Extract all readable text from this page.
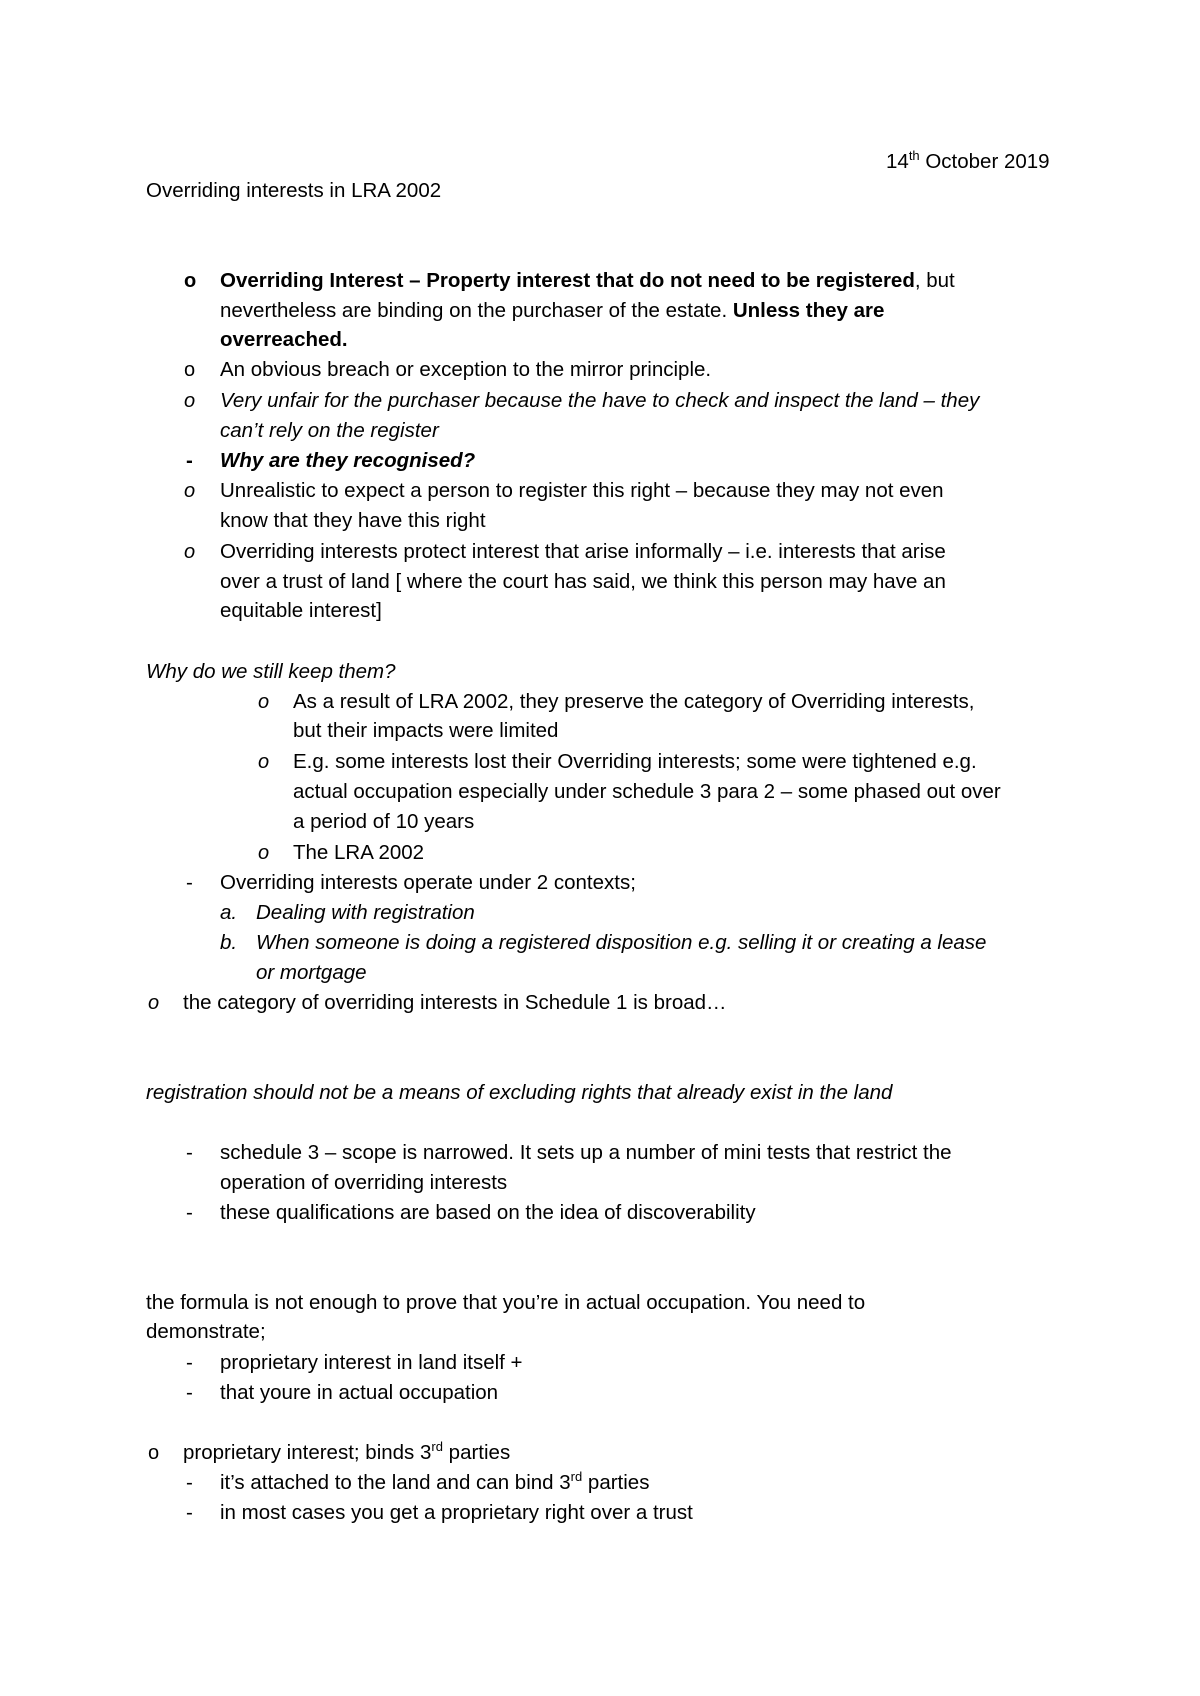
14th October 2019
Overriding interests in LRA 2002
o Overriding Interest – Property interest that do not need to be registered, but
nevertheless are binding on the purchaser of the estate. Unless they are
overreached.
o An obvious breach or exception to the mirror principle.
o Very unfair for the purchaser because the have to check and inspect the land – they
can’t rely on the register
- Why are they recognised?
o Unrealistic to expect a person to register this right – because they may not even
know that they have this right
o Overriding interests protect interest that arise informally – i.e. interests that arise
over a trust of land [ where the court has said, we think this person may have an
equitable interest]
Why do we still keep them?
o As a result of LRA 2002, they preserve the category of Overriding interests,
but their impacts were limited
o E.g. some interests lost their Overriding interests; some were tightened e.g.
actual occupation especially under schedule 3 para 2 – some phased out over
a period of 10 years
o The LRA 2002
- Overriding interests operate under 2 contexts;
a. Dealing with registration
b. When someone is doing a registered disposition e.g. selling it or creating a lease
or mortgage
o the category of overriding interests in Schedule 1 is broad…
registration should not be a means of excluding rights that already exist in the land
- schedule 3 – scope is narrowed. It sets up a number of mini tests that restrict the
operation of overriding interests
- these qualifications are based on the idea of discoverability
the formula is not enough to prove that you’re in actual occupation. You need to
demonstrate;
- proprietary interest in land itself +
- that youre in actual occupation
o proprietary interest; binds 3rd parties
- it’s attached to the land and can bind 3rd parties
- in most cases you get a proprietary right over a trust
